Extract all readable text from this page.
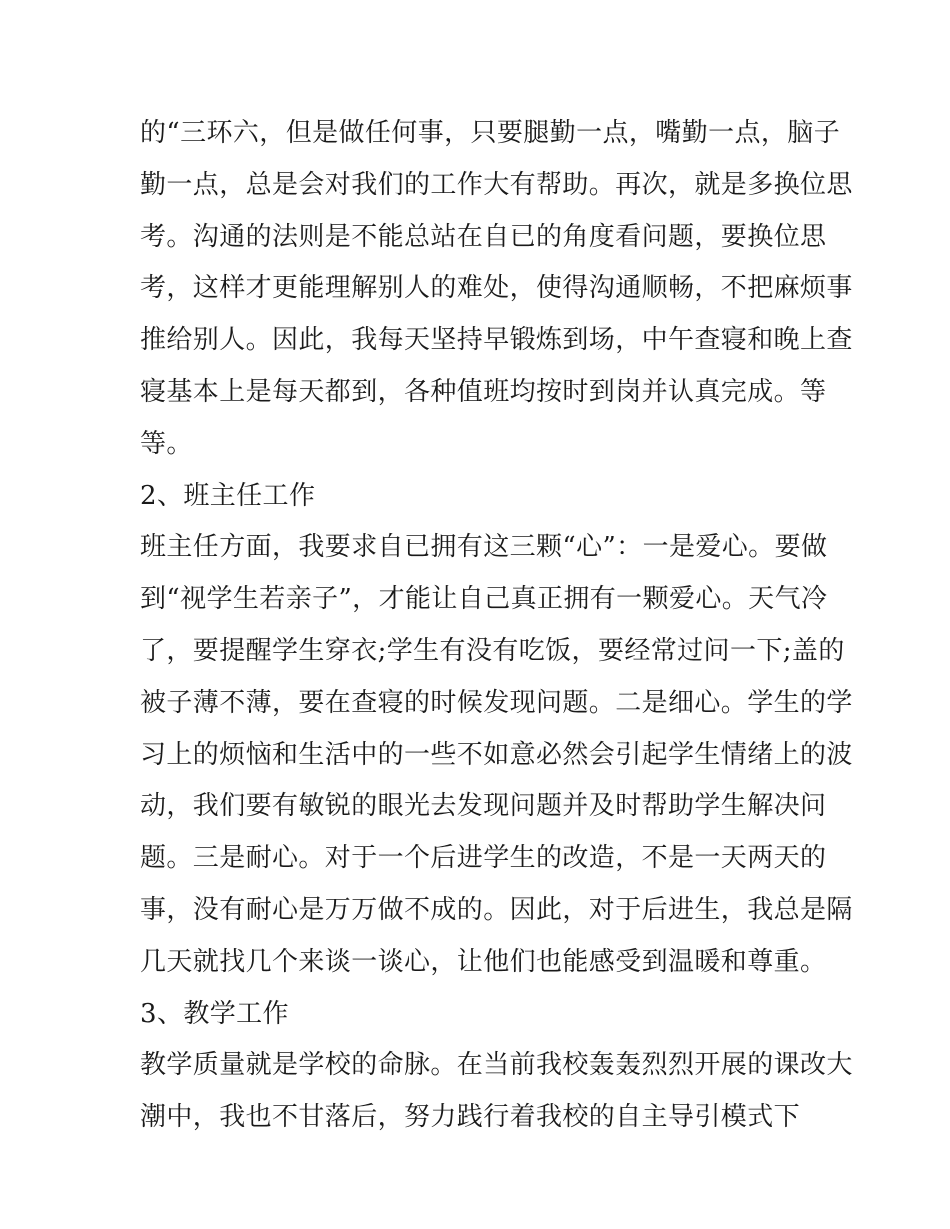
的“三环六，但是做任何事，只要腿勤一点，嘴勤一点，脑子
勤一点，总是会对我们的工作大有帮助。再次，就是多换位思
考。沟通的法则是不能总站在自已的角度看问题，要换位思
考，这样才更能理解别人的难处，使得沟通顺畅，不把麻烦事
推给别人。因此，我每天坚持早锻炼到场，中午查寝和晚上查
寝基本上是每天都到，各种值班均按时到岗并认真完成。等
等。
2、班主任工作
班主任方面，我要求自已拥有这三颗“心”：一是爱心。要做
到“视学生若亲子”，才能让自己真正拥有一颗爱心。天气冷
了，要提醒学生穿衣;学生有没有吃饭，要经常过问一下;盖的
被子薄不薄，要在查寝的时候发现问题。二是细心。学生的学
习上的烦恼和生活中的一些不如意必然会引起学生情绪上的波
动，我们要有敏锐的眼光去发现问题并及时帮助学生解决问
题。三是耐心。对于一个后进学生的改造，不是一天两天的
事，没有耐心是万万做不成的。因此，对于后进生，我总是隔
几天就找几个来谈一谈心，让他们也能感受到温暖和尊重。
3、教学工作
教学质量就是学校的命脉。在当前我校轰轰烈烈开展的课改大
潮中，我也不甘落后，努力践行着我校的自主导引模式下
